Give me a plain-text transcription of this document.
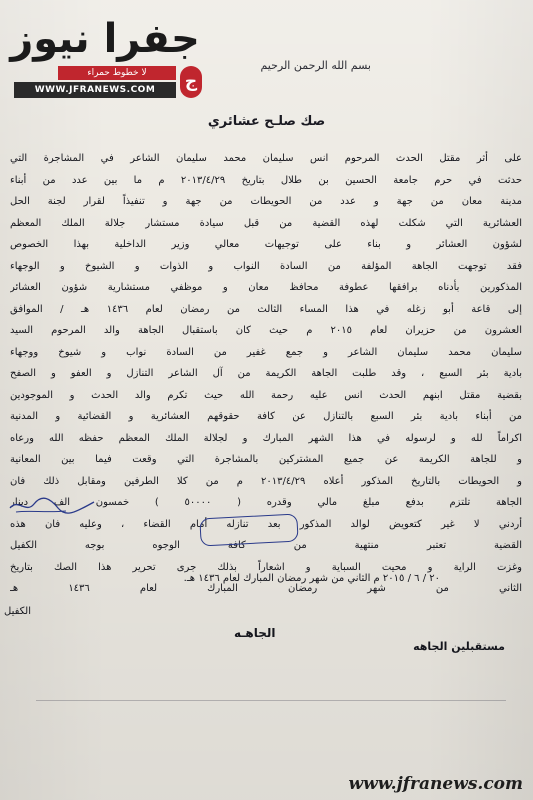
جفرا نيوز
لا خطوط حمراء
WWW.JFRANEWS.COM	ج
بسم الله الرحمن الرحيم
صك صلـح عشائري
على أثر مقتل الحدث المرحوم انس سليمان محمد سليمان الشاعر في المشاجرة التي
حدثت في حرم جامعة الحسين بن طلال بتاريخ ٢٠١٣/٤/٢٩ م ما بين عدد من أبناء
مدينة معان من جهة و عدد من الحويطات من جهة و تنفيذاً لقرار لجنة الحل
العشائرية التي شكلت لهذه القضية من قبل سيادة مستشار جلالة الملك المعظم
لشؤون العشائر و بناء على توجيهات معالي وزير الداخلية بهذا الخصوص
فقد توجهت الجاهة المؤلفة من السادة النواب و الذوات و الشيوخ و الوجهاء
المذكورين بأدناه برافقها عطوفة محافظ معان و موظفي مستشارية شؤون العشائر
إلى قاعة أبو زغله في هذا المساء الثالث من رمضان لعام ١٤٣٦ هـ / الموافق
العشرون من حزيران لعام ٢٠١٥ م حيث كان باستقبال الجاهة والد المرحوم السيد
سليمان محمد سليمان الشاعر و جمع غفير من السادة نواب و شيوخ ووجهاء
بادية بئر السبع ، وقد طلبت الجاهة الكريمة من آل الشاعر التنازل و العفو و الصفح
بقضية مقتل ابنهم الحدث انس عليه رحمة الله حيث تكرم والد الحدث و الموجودين
من أبناء بادية بئر السبع بالتنازل عن كافة حقوقهم العشائرية و القضائية و المدنية
اكراماً لله و لرسوله في هذا الشهر المبارك و لجلالة الملك المعظم حفظه الله ورعاه
و للجاهة الكريمة عن جميع المشتركين بالمشاجرة التي وقعت فيما بين المعانية
و الحويطات بالتاريخ المذكور أعلاه ٢٠١٣/٤/٢٩ م من كلا الطرفين ومقابل ذلك فان
الجاهة تلتزم بدفع مبلغ مالي وقدره ( ٥٠٠٠٠ ) خمسون الف دينار
أردني لا غير كتعويض لوالد المذكور بعد تنازله أمام القضاء ، وعليه فان هذه
القضية تعتبر منتهية من كافة الوجوه بوجه الكفيل
وغزت الراية و محيت السباية و اشعاراً بذلك جرى تحرير هذا الصك بتاريخ
الثاني من شهر رمضان المبارك لعام ١٤٣٦ هـ
٢٠ / ٦ / ٢٠١٥ م الثاني من شهر رمضان المبارك لعام ١٤٣٦ هـ.
الكفيل
الجاهـه
مستقبلين الجاهه
www.jfranews.com
